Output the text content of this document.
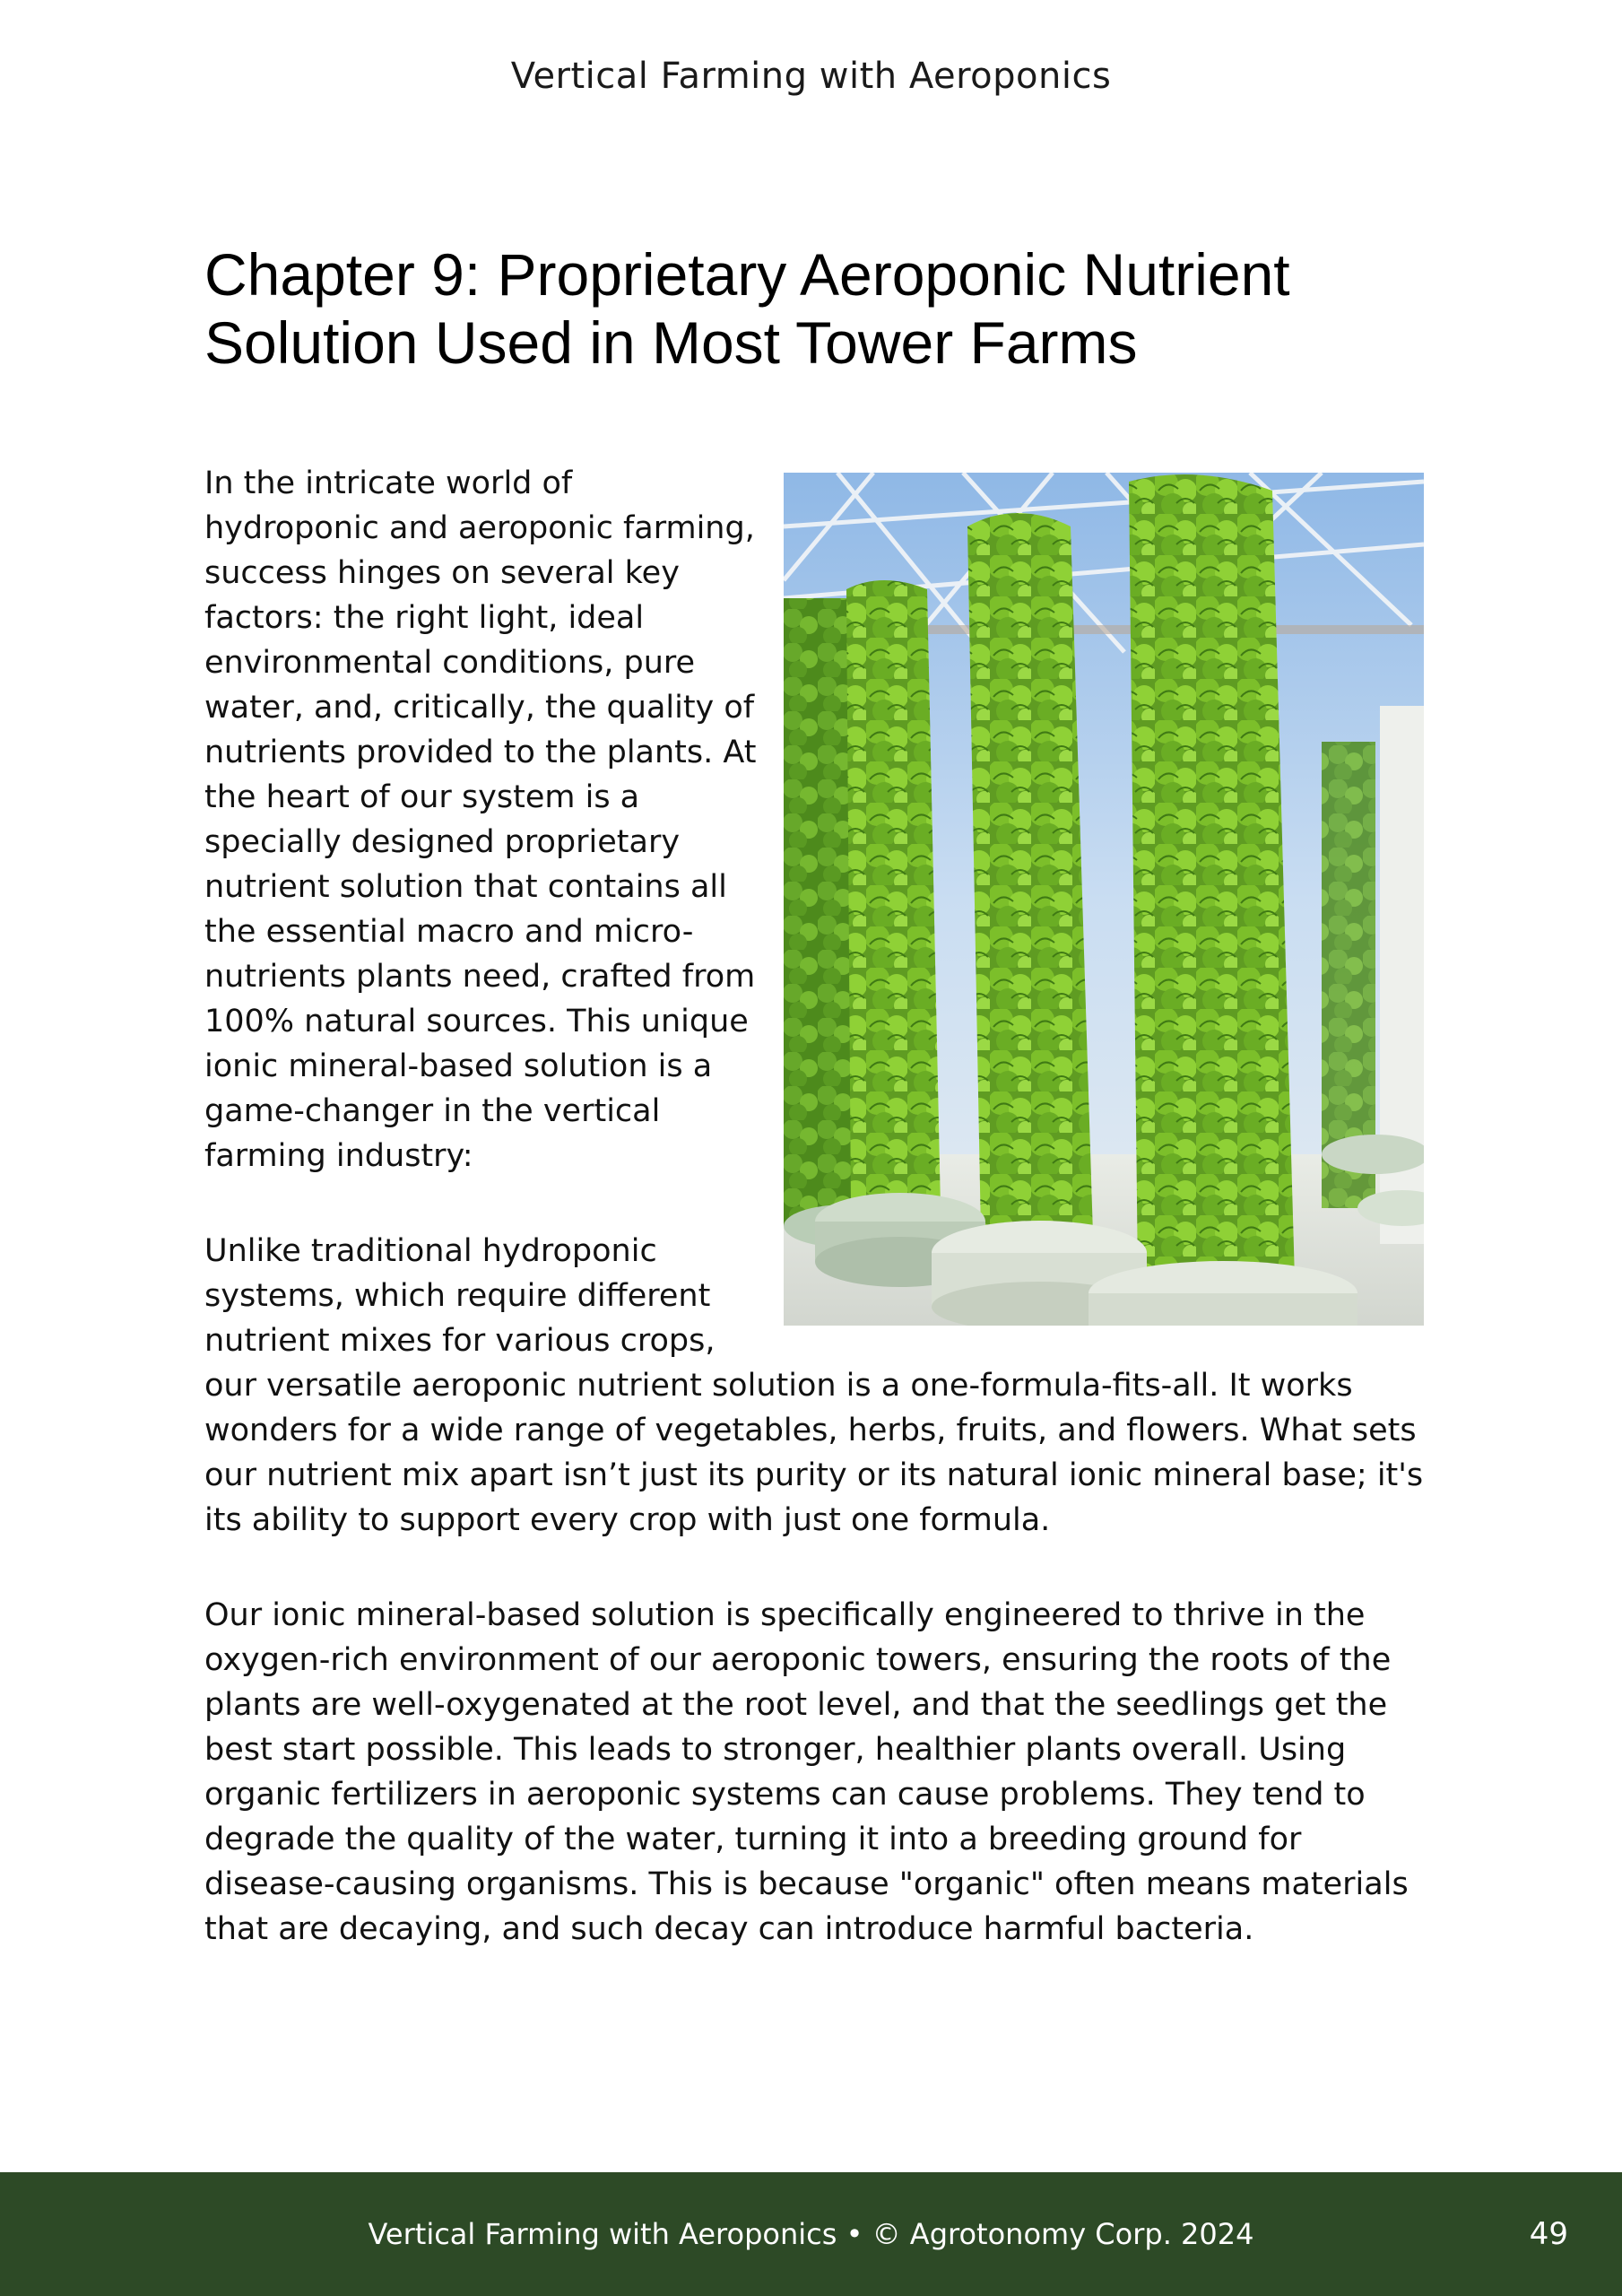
Vertical Farming with Aeroponics
Chapter 9: Proprietary Aeroponic Nutrient Solution Used in Most Tower Farms

In the intricate world of hydroponic and aeroponic farming, success hinges on several key factors: the right light, ideal environmental conditions, pure water, and, critically, the quality of nutrients provided to the plants. At the heart of our system is a specially designed proprietary nutrient solution that contains all the essential macro and micro-nutrients plants need, crafted from 100% natural sources. This unique ionic mineral-based solution is a game-changer in the vertical farming industry:

Unlike traditional hydroponic systems, which require different nutrient mixes for various crops, our versatile aeroponic nutrient solution is a one-formula-fits-all. It works wonders for a wide range of vegetables, herbs, fruits, and flowers. What sets our nutrient mix apart isn’t just its purity or its natural ionic mineral base; it's its ability to support every crop with just one formula.

Our ionic mineral-based solution is specifically engineered to thrive in the oxygen-rich environment of our aeroponic towers, ensuring the roots of the plants are well-oxygenated at the root level, and that the seedlings get the best start possible. This leads to stronger, healthier plants overall. Using organic fertilizers in aeroponic systems can cause problems. They tend to degrade the quality of the water, turning it into a breeding ground for disease-causing organisms. This is because "organic" often means materials that are decaying, and such decay can introduce harmful bacteria.

Vertical Farming with Aeroponics • © Agrotonomy Corp. 2024	49
